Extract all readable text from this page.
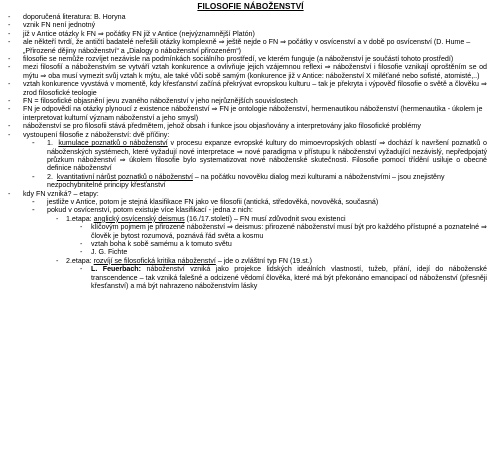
FILOSOFIE NÁBOŽENSTVÍ
- doporučená literatura: B. Horyna
- vznik FN není jednotný
- již v Antice otázky k FN ⇒ počátky FN již v Antice (nejvýznamnější Platón)
- ale někteří tvrdí, že antičtí badatelé neřešili otázky komplexně ⇒ ještě nejde o FN ⇒ počátky v osvícenství a v době po osvícenství (D. Hume – „Přirozené dějiny náboženství“ a „Dialogy o náboženství přirozeném“)
- filosofie se nemůže rozvíjet nezávisle na podmínkách sociálního prostředí, ve kterém funguje (a náboženství je součástí tohoto prostředí)
- mezi filosofií a náboženstvím se vytváří vztah konkurence a ovlivňuje jejich vzájemnou reflexi ⇒ náboženství i filosofie vznikají oproštěním se od mýtu ⇒ oba musí vymezit svůj vztah k mýtu, ale také vůči sobě samým (konkurence již v Antice: náboženství X miléťané nebo sofisté, atomisté,..)
- vztah konkurence vyvstává v momentě, kdy křesťanství začíná překrývat evropskou kulturu – tak je překryta i výpověď filosofie o světě a člověku ⇒ zrod filosofické teologie
- FN = filosofické objasnění jevu zvaného náboženství v jeho nejrůznějších souvislostech
- FN je odpovědí na otázky plynoucí z existence náboženství ⇒ FN je ontologie náboženství, hermenautikou náboženství (hermenautika - úkolem je interpretovat kulturní význam náboženství a jeho smysl)
- náboženství se pro filosofii stává předmětem, jehož obsah i funkce jsou objasňovány a interpretovány jako filosofické problémy
- vystoupení filosofie z náboženství: dvě příčiny:
- 1. kumulace poznatků o náboženství v procesu expanze evropské kultury do mimoevropských oblastí ⇒ dochází k navršení poznatků o náboženských systémech, které vyžadují nové interpretace ⇒ nové paradigma v přístupu k náboženství vyžadující nezávislý, nepředpojatý průzkum náboženství ⇒ úkolem filosofie bylo systematizovat nové náboženské skutečnosti. Filosofie pomocí třídění usiluje o obecné definice náboženství
- 2. kvantitativní nárůst poznatků o náboženství – na počátku novověku dialog mezi kulturami a náboženstvími – jsou znejistěny nezpochybnitelné principy křesťanství
- kdy FN vzniká? – etapy:
- jestliže v Antice, potom je stejná klasifikace FN jako ve filosofii (antická, středověká, novověká, současná)
- pokud v osvícenství, potom existuje více klasifikací - jedna z nich:
- 1.etapa: anglický osvícenský deismus (16./17.století) – FN musí zdůvodnit svou existenci
- klíčovým pojmem je přirozené náboženství ⇒ deismus: přirozené náboženství musí být pro každého přístupné a poznatelné ⇒ člověk je bytost rozumová, poznává řád světa a kosmu
- vztah boha k sobě samému a k tomuto světu
- J. G. Fichte
- 2.etapa: rozvíjí se filosofická kritika náboženství – jde o zvláštní typ FN (19.st.)
- L. Feuerbach: náboženství vzniká jako projekce lidských ideálních vlastností, tužeb, přání, idejí do náboženské transcendence – tak vzniká falešné a odcizené vědomí člověka, které má být překonáno emancipací od náboženství (přesněji křesťanství) a má být nahrazeno náboženstvím lásky
